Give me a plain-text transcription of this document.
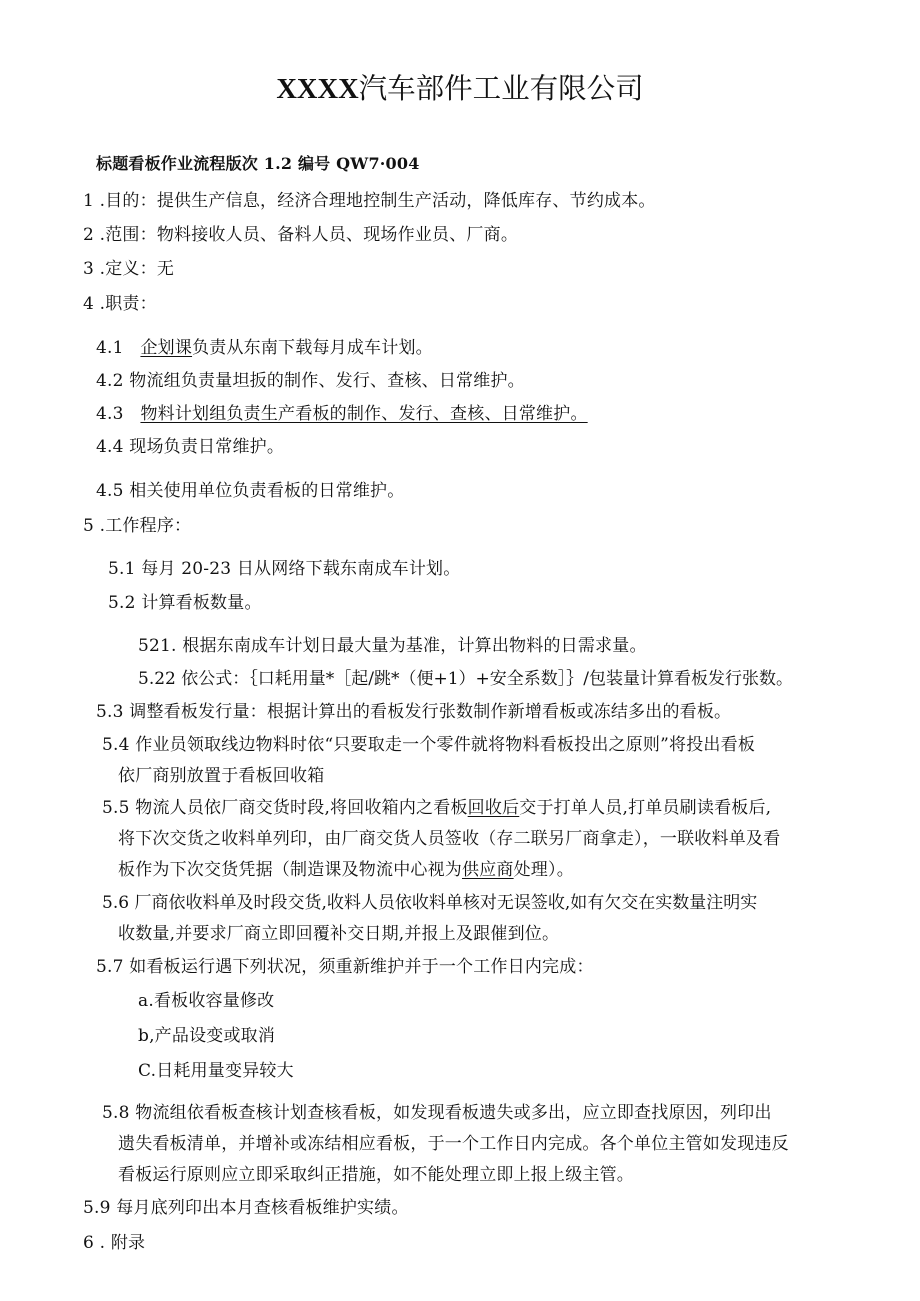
XXXX汽车部件工业有限公司
标题看板作业流程版次 1.2 编号 QW7·004
1 .目的：提供生产信息，经济合理地控制生产活动，降低库存、节约成本。
2 .范围：物料接收人员、备料人员、现场作业员、厂商。
3 .定义：无
4 .职责：
4.1 企划课负责从东南下载每月成车计划。
4.2 物流组负责量坦扳的制作、发行、查核、日常维护。
4.3 物料计划组负责生产看板的制作、发行、查核、日常维护。
4.4 现场负责日常维护。
4.5 相关使用单位负责看板的日常维护。
5 .工作程序：
5.1 每月 20-23 日从网络下载东南成车计划。
5.2 计算看板数量。
521. 根据东南成车计划日最大量为基准，计算出物料的日需求量。
5.22 依公式：｛口耗用量*［起/跳*（便+1）+安全系数］｝/包装量计算看板发行张数。
5.3 调整看板发行量：根据计算出的看板发行张数制作新增看板或冻结多出的看板。
5.4 作业员领取线边物料时依“只要取走一个零件就将物料看板投出之原则”将投出看板
依厂商别放置于看板回收箱
5.5 物流人员依厂商交货时段,将回收箱内之看板回收后交于打单人员,打单员刷读看板后,
将下次交货之收料单列印，由厂商交货人员签收（存二联另厂商拿走），一联收料单及看
板作为下次交货凭据（制造课及物流中心视为供应商处理）。
5.6 厂商依收料单及时段交货,收料人员依收料单核对无误签收,如有欠交在实数量注明实
收数量,并要求厂商立即回覆补交日期,并报上及跟催到位。
5.7 如看板运行遇下列状况，须重新维护并于一个工作日内完成：
a.看板收容量修改
b,产品设变或取消
C.日耗用量变异较大
5.8 物流组依看板查核计划查核看板，如发现看板遗失或多出，应立即查找原因，列印出
遗失看板清单，并增补或冻结相应看板，于一个工作日内完成。各个单位主管如发现违反
看板运行原则应立即采取纠正措施，如不能处理立即上报上级主管。
5.9 每月底列印出本月查核看板维护实绩。
6 . 附录
